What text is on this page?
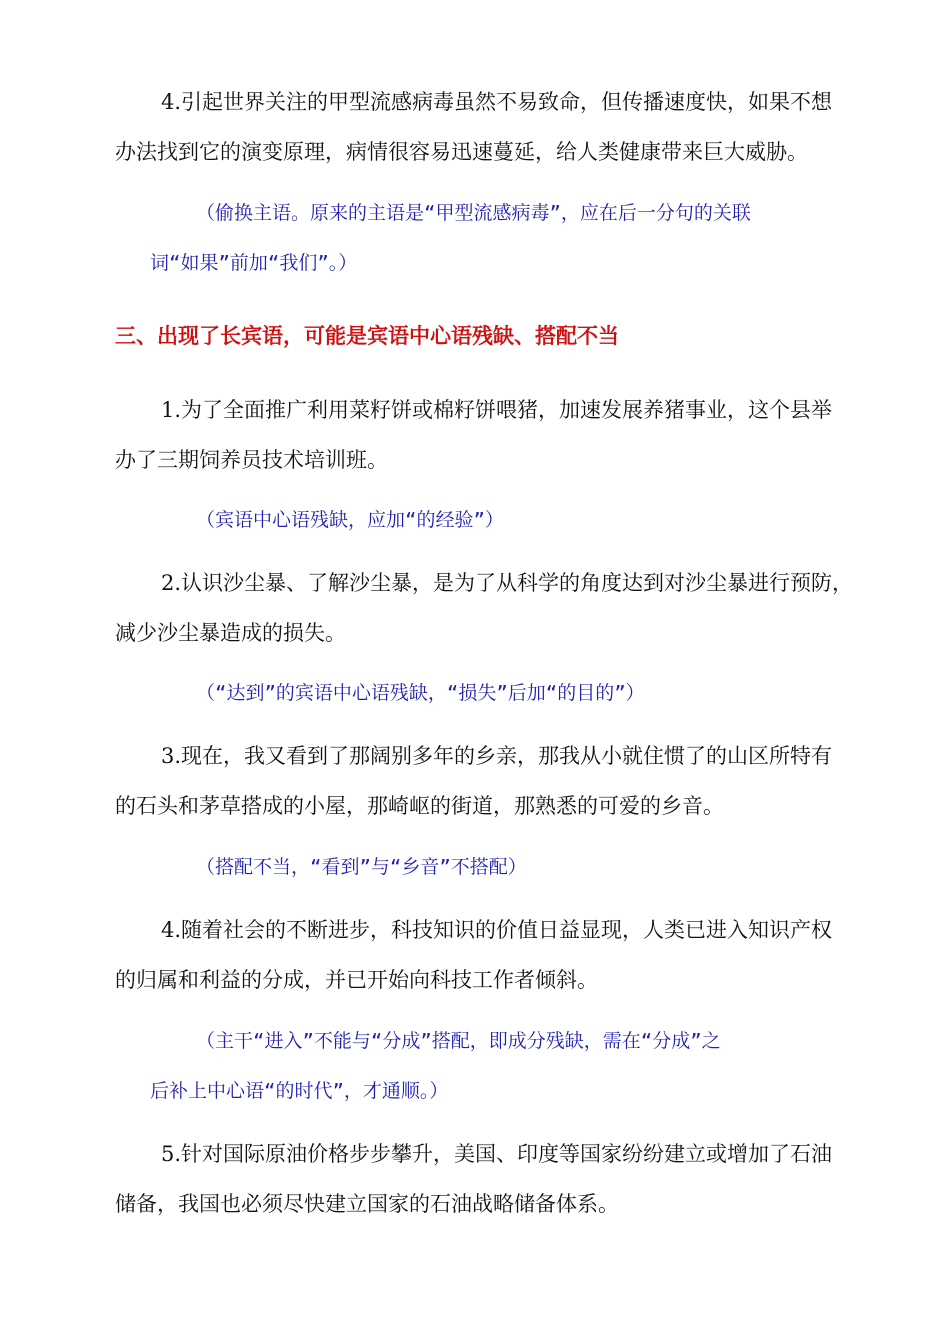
4.引起世界关注的甲型流感病毒虽然不易致命，但传播速度快，如果不想

办法找到它的演变原理，病情很容易迅速蔓延，给人类健康带来巨大威胁。

（偷换主语。原来的主语是“甲型流感病毒”，应在后一分句的关联

词“如果”前加“我们”。）

三、出现了长宾语，可能是宾语中心语残缺、搭配不当

1.为了全面推广利用菜籽饼或棉籽饼喂猪，加速发展养猪事业，这个县举

办了三期饲养员技术培训班。

（宾语中心语残缺，应加“的经验”）

2.认识沙尘暴、了解沙尘暴，是为了从科学的角度达到对沙尘暴进行预防，

减少沙尘暴造成的损失。

（“达到”的宾语中心语残缺，“损失”后加“的目的”）

3.现在，我又看到了那阔别多年的乡亲，那我从小就住惯了的山区所特有

的石头和茅草搭成的小屋，那崎岖的街道，那熟悉的可爱的乡音。

（搭配不当，“看到”与“乡音”不搭配）

4.随着社会的不断进步，科技知识的价值日益显现，人类已进入知识产权

的归属和利益的分成，并已开始向科技工作者倾斜。

（主干“进入”不能与“分成”搭配，即成分残缺，需在“分成”之

后补上中心语“的时代”，才通顺。）

5.针对国际原油价格步步攀升，美国、印度等国家纷纷建立或增加了石油

储备，我国也必须尽快建立国家的石油战略储备体系。
